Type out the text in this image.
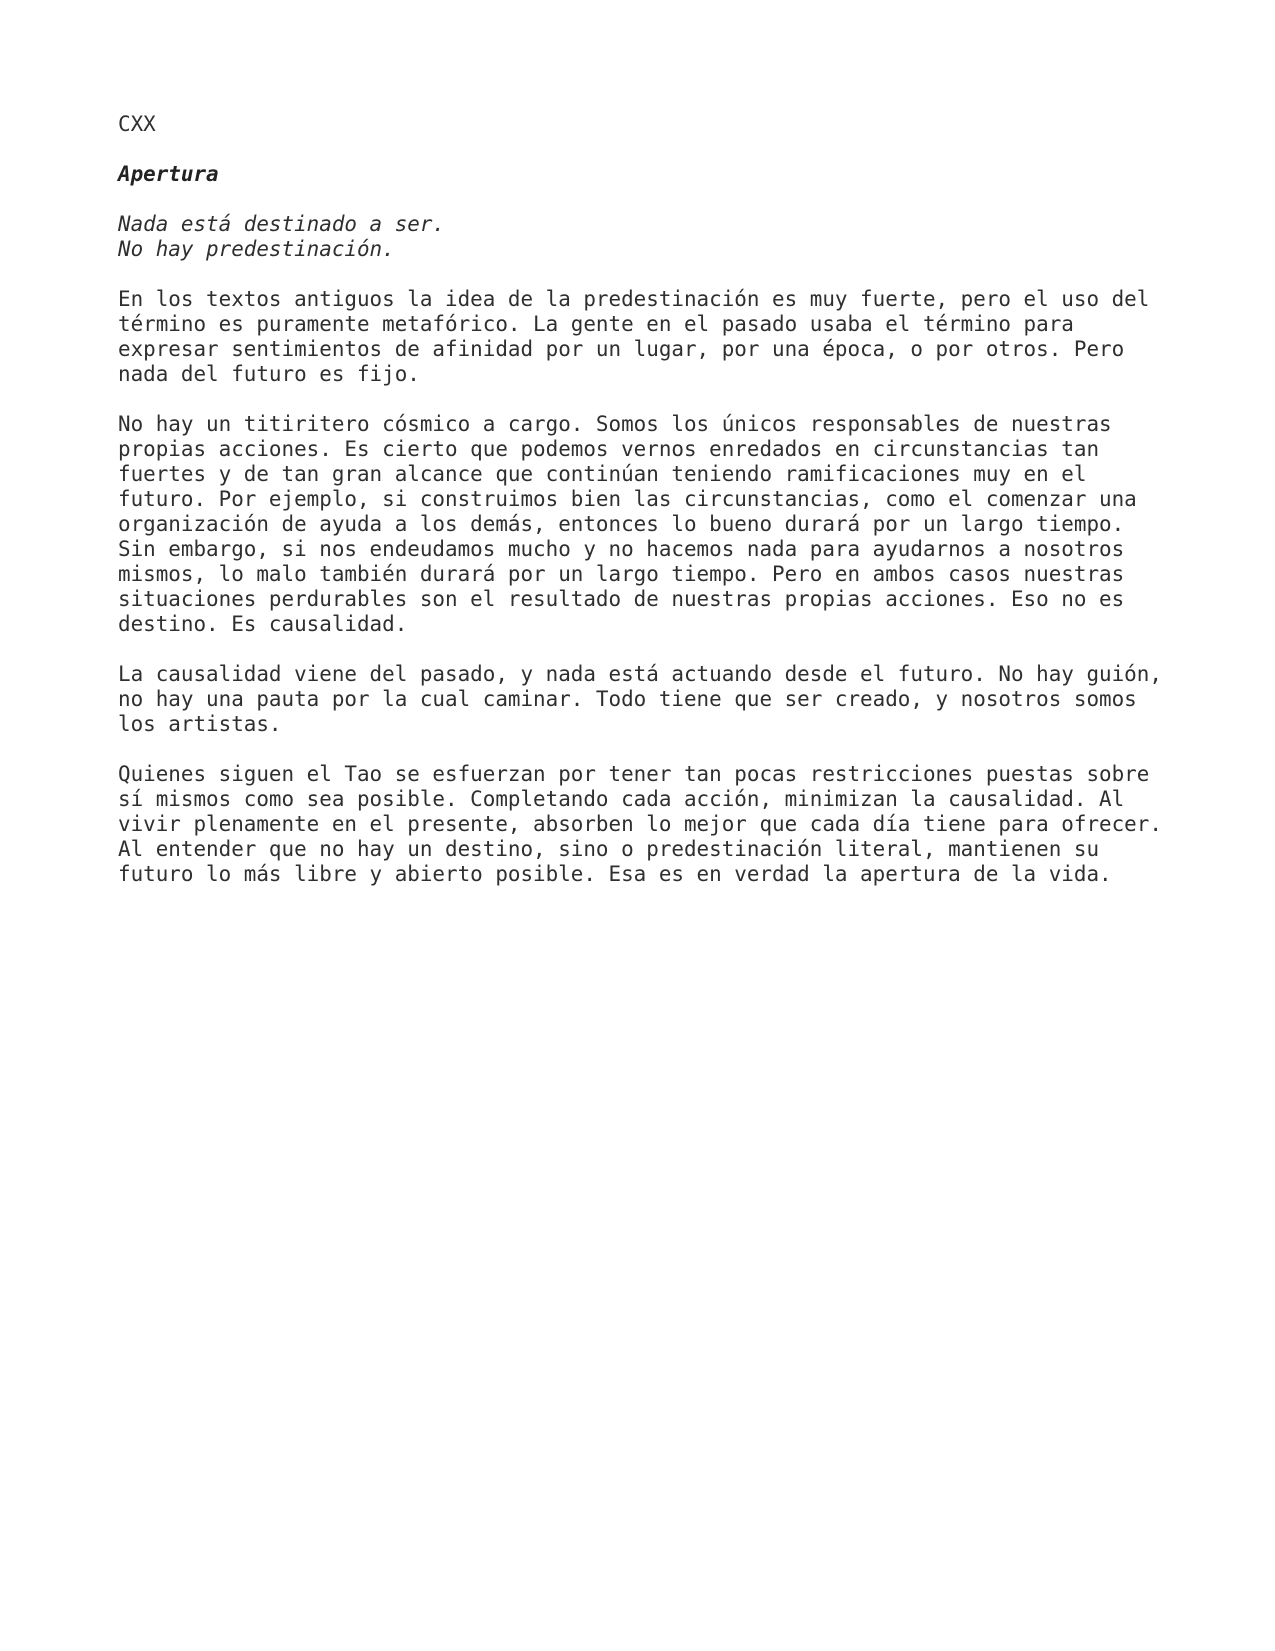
CXX
Apertura
Nada está destinado a ser.
No hay predestinación.
En los textos antiguos la idea de la predestinación es muy fuerte, pero el uso del
término es puramente metafórico. La gente en el pasado usaba el término para
expresar sentimientos de afinidad por un lugar, por una época, o por otros. Pero
nada del futuro es fijo.
No hay un titiritero cósmico a cargo. Somos los únicos responsables de nuestras
propias acciones. Es cierto que podemos vernos enredados en circunstancias tan
fuertes y de tan gran alcance que continúan teniendo ramificaciones muy en el
futuro. Por ejemplo, si construimos bien las circunstancias, como el comenzar una
organización de ayuda a los demás, entonces lo bueno durará por un largo tiempo.
Sin embargo, si nos endeudamos mucho y no hacemos nada para ayudarnos a nosotros
mismos, lo malo también durará por un largo tiempo. Pero en ambos casos nuestras
situaciones perdurables son el resultado de nuestras propias acciones. Eso no es
destino. Es causalidad.
La causalidad viene del pasado, y nada está actuando desde el futuro. No hay guión,
no hay una pauta por la cual caminar. Todo tiene que ser creado, y nosotros somos
los artistas.
Quienes siguen el Tao se esfuerzan por tener tan pocas restricciones puestas sobre
sí mismos como sea posible. Completando cada acción, minimizan la causalidad. Al
vivir plenamente en el presente, absorben lo mejor que cada día tiene para ofrecer.
Al entender que no hay un destino, sino o predestinación literal, mantienen su
futuro lo más libre y abierto posible. Esa es en verdad la apertura de la vida.
